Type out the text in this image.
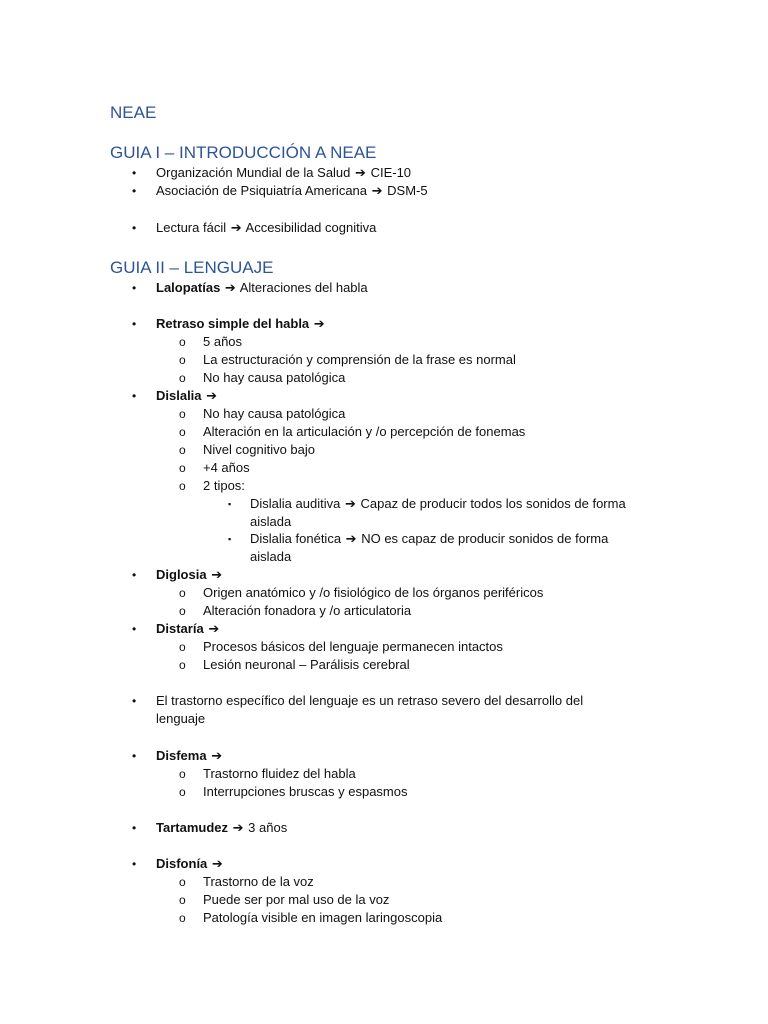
NEAE
GUIA I – INTRODUCCIÓN A NEAE
• Organización Mundial de la Salud ➔ CIE-10
• Asociación de Psiquiatría Americana ➔ DSM-5
• Lectura fácil ➔ Accesibilidad cognitiva
GUIA II – LENGUAJE
• Lalopatías ➔ Alteraciones del habla
• Retraso simple del habla ➔
o 5 años
o La estructuración y comprensión de la frase es normal
o No hay causa patológica
• Dislalia ➔
o No hay causa patológica
o Alteración en la articulación y /o percepción de fonemas
o Nivel cognitivo bajo
o +4 años
o 2 tipos:
▪ Dislalia auditiva ➔ Capaz de producir todos los sonidos de forma
aislada
▪ Dislalia fonética ➔ NO es capaz de producir sonidos de forma
aislada
• Diglosia ➔
o Origen anatómico y /o fisiológico de los órganos periféricos
o Alteración fonadora y /o articulatoria
• Distaría ➔
o Procesos básicos del lenguaje permanecen intactos
o Lesión neuronal – Parálisis cerebral
• El trastorno específico del lenguaje es un retraso severo del desarrollo del
lenguaje
• Disfema ➔
o Trastorno fluidez del habla
o Interrupciones bruscas y espasmos
• Tartamudez ➔ 3 años
• Disfonía ➔
o Trastorno de la voz
o Puede ser por mal uso de la voz
o Patología visible en imagen laringoscopia
